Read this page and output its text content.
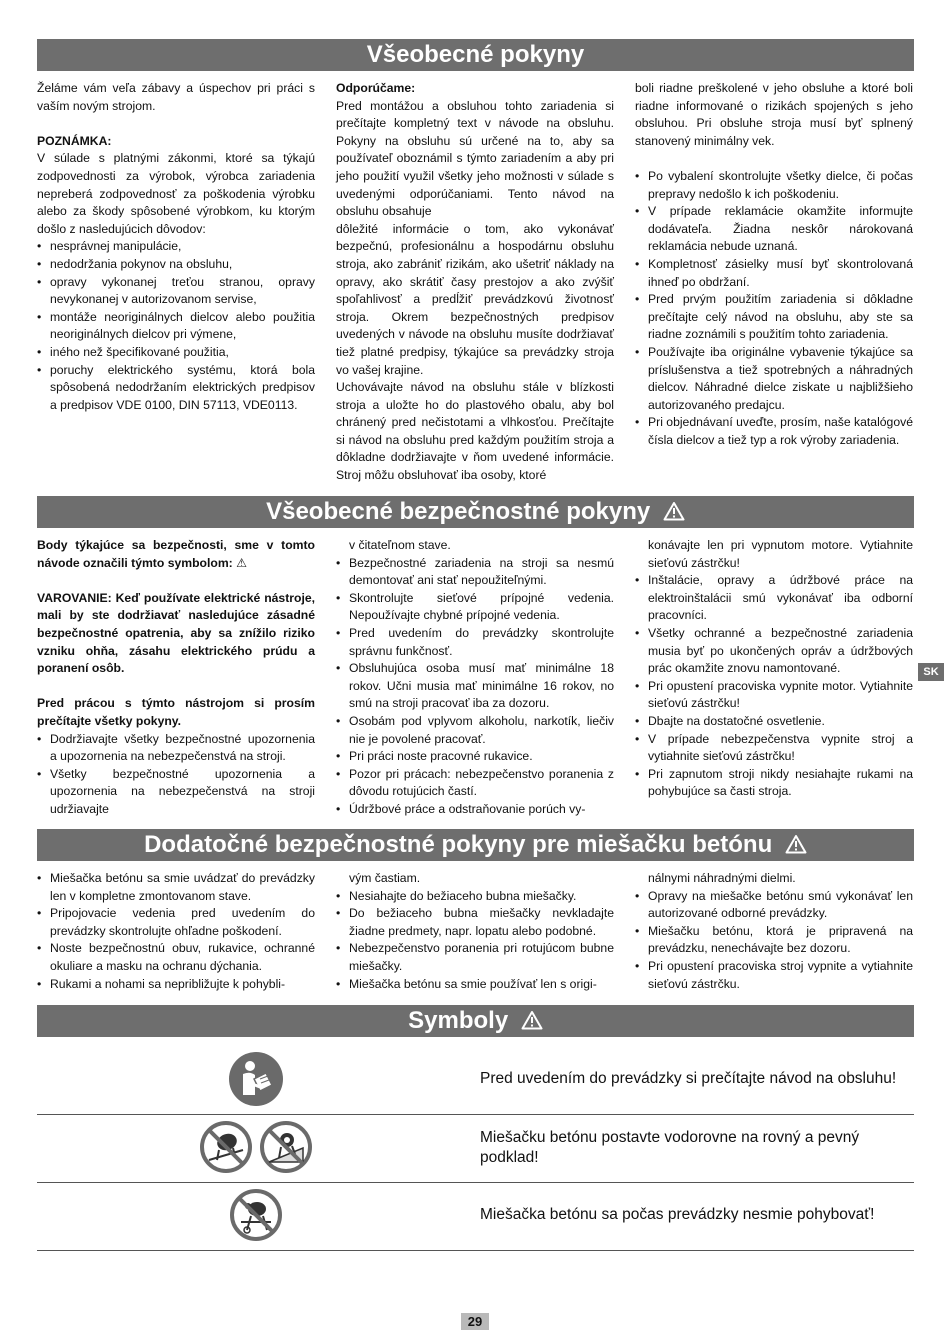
Všeobecné pokyny

Želáme vám veľa zábavy a úspechov pri práci s vaším novým strojom.

POZNÁMKA:

V súlade s platnými zákonmi, ktoré sa týkajú zodpovednosti za výrobok, výrobca zariadenia nepreberá zodpovednosť za poškodenia výrobku alebo za škody spôsobené výrobkom, ku ktorým došlo z nasledujúcich dôvodov:

• nesprávnej manipulácie,
• nedodržania pokynov na obsluhu,
• opravy vykonanej treťou stranou, opravy nevykonanej v autorizovanom servise,
• montáže neoriginálnych dielcov alebo použitia neoriginálnych dielcov pri výmene,
• iného než špecifikované použitia,
• poruchy elektrického systému, ktorá bola spôsobená nedodržaním elektrických predpisov a predpisov VDE 0100, DIN 57113, VDE0113.

Odporúčame:

Pred montážou a obsluhou tohto zariadenia si prečítajte kompletný text v návode na obsluhu. Pokyny na obsluhu sú určené na to, aby sa používateľ oboznámil s týmto zariadením a aby pri jeho použití využil všetky jeho možnosti v súlade s uvedenými odporúčaniami. Tento návod na obsluhu obsahuje

dôležité informácie o tom, ako vykonávať bezpečnú, profesionálnu a hospodárnu obsluhu stroja, ako zabrániť rizikám, ako ušetriť náklady na opravy, ako skrátiť časy prestojov a ako zvýšiť spoľahlivosť a predĺžiť prevádzkovú životnosť stroja. Okrem bezpečnostných predpisov uvedených v návode na obsluhu musíte dodržiavať tiež platné predpisy, týkajúce sa prevádzky stroja vo vašej krajine.

Uchovávajte návod na obsluhu stále v blízkosti stroja a uložte ho do plastového obalu, aby bol chránený pred nečistotami a vlhkosťou. Prečítajte si návod na obsluhu pred každým použitím stroja a dôkladne dodržiavajte v ňom uvedené informácie. Stroj môžu obsluhovať iba osoby, ktoré

boli riadne preškolené v jeho obsluhe a ktoré boli riadne informované o rizikách spojených s jeho obsluhou. Pri obsluhe stroja musí byť splnený stanovený minimálny vek.

• Po vybalení skontrolujte všetky dielce, či počas prepravy nedošlo k ich poškodeniu.
• V prípade reklamácie okamžite informujte dodávateľa. Žiadna neskôr nárokovaná reklamácia nebude uznaná.
• Kompletnosť zásielky musí byť skontrolovaná ihneď po obdržaní.
• Pred prvým použitím zariadenia si dôkladne prečítajte celý návod na obsluhu, aby ste sa riadne zoznámili s použitím tohto zariadenia.
• Používajte iba originálne vybavenie týkajúce sa príslušenstva a tiež spotrebných a náhradných dielcov. Náhradné dielce ziskate u najbližšieho autorizovaného predajcu.
• Pri objednávaní uveďte, prosím, naše katalógové čísla dielcov a tiež typ a rok výroby zariadenia.
Všeobecné bezpečnostné pokyny

Body týkajúce sa bezpečnosti, sme v tomto návode označili týmto symbolom: ⚠

VAROVANIE: Keď používate elektrické nástroje, mali by ste dodržiavať nasledujúce zásadné bezpečnostné opatrenia, aby sa znížilo riziko vzniku ohňa, zásahu elektrického prúdu a poranení osôb.

Pred prácou s týmto nástrojom si prosím prečítajte všetky pokyny.

• Dodržiavajte všetky bezpečnostné upozornenia a upozornenia na nebezpečenstvá na stroji.
• Všetky bezpečnostné upozornenia a upozornenia na nebezpečenstvá na stroji udržiavajte

v čitateľnom stave.

• Bezpečnostné zariadenia na stroji sa nesmú demontovať ani stať nepoužiteľnými.
• Skontrolujte sieťové prípojné vedenia. Nepoužívajte chybné prípojné vedenia.
• Pred uvedením do prevádzky skontrolujte správnu funkčnosť.
• Obsluhujúca osoba musí mať minimálne 18 rokov. Učni musia mať minimálne 16 rokov, no smú na stroji pracovať iba za dozoru.
• Osobám pod vplyvom alkoholu, narkotík, liečiv nie je povolené pracovať.
• Pri práci noste pracovné rukavice.
• Pozor pri prácach: nebezpečenstvo poranenia z dôvodu rotujúcich častí.
• Údržbové práce a odstraňovanie porúch vy-

konávajte len pri vypnutom motore. Vytiahnite sieťovú zástrčku!

• Inštalácie, opravy a údržbové práce na elektroinštalácii smú vykonávať iba odborní pracovníci.
• Všetky ochranné a bezpečnostné zariadenia musia byť po ukončených opráv a údržbových prác okamžite znovu namontované.
• Pri opustení pracoviska vypnite motor. Vytiahnite sieťovú zástrčku!
• Dbajte na dostatočné osvetlenie.
• V prípade nebezpečenstva vypnite stroj a vytiahnite sieťovú zástrčku!
• Pri zapnutom stroji nikdy nesiahajte rukami na pohybujúce sa časti stroja.
SK
Dodatočné bezpečnostné pokyny pre miešačku betónu
• Miešačka betónu sa smie uvádzať do prevádzky len v kompletne zmontovanom stave.
• Pripojovacie vedenia pred uvedením do prevádzky skontrolujte ohľadne poškodení.
• Noste bezpečnostnú obuv, rukavice, ochranné okuliare a masku na ochranu dýchania.
• Rukami a nohami sa nepribližujte k pohybli-

vým častiam.

• Nesiahajte do bežiaceho bubna miešačky.
• Do bežiaceho bubna miešačky nevkladajte žiadne predmety, napr. lopatu alebo podobné.
• Nebezpečenstvo poranenia pri rotujúcom bubne miešačky.
• Miešačka betónu sa smie používať len s origi-

nálnymi náhradnými dielmi.

• Opravy na miešačke betónu smú vykonávať len autorizované odborné prevádzky.
• Miešačku betónu, ktorá je pripravená na prevádzku, nenechávajte bez dozoru.
• Pri opustení pracoviska stroj vypnite a vytiahnite sieťovú zástrčku.
Symboly
Pred uvedením do prevádzky si prečítajte návod na obsluhu!
Miešačku betónu postavte vodorovne na rovný a pevný podklad!
Miešačka betónu sa počas prevádzky nesmie pohybovať!
29
